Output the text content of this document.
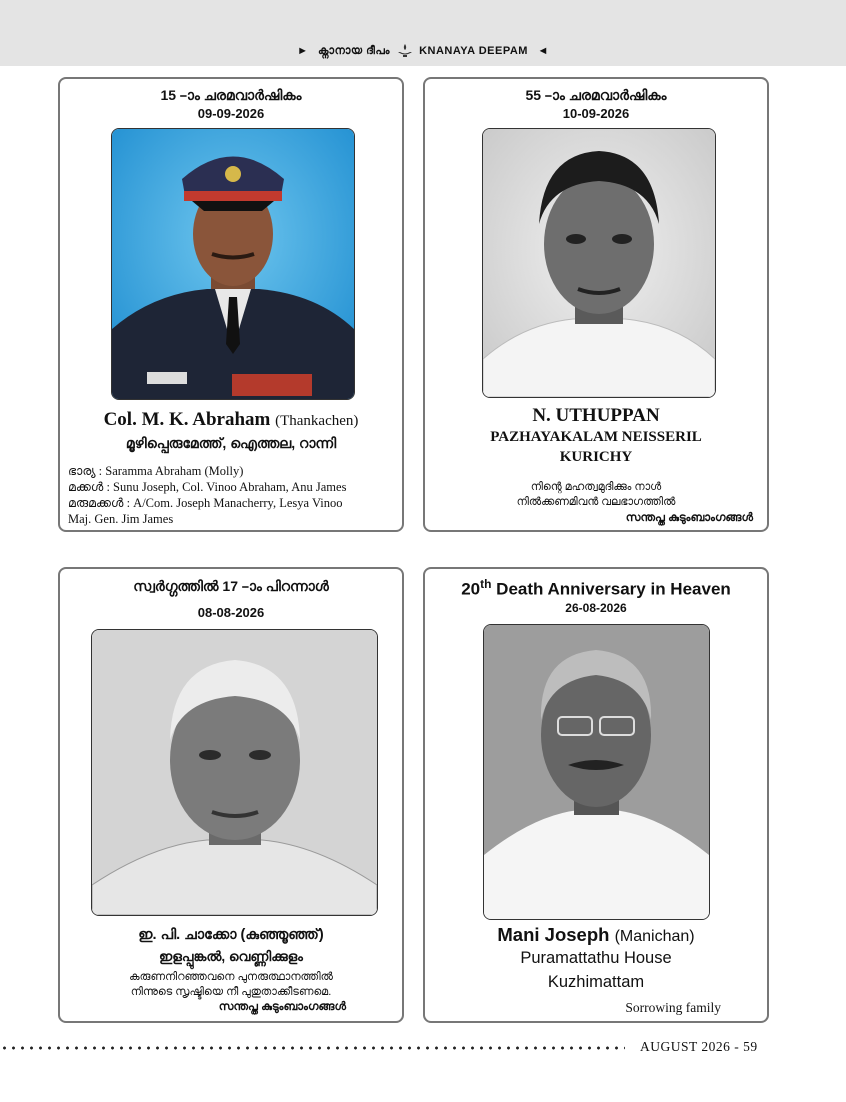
► ക്നാനായ ദീപം	KNANAYA DEEPAM ◄
15 –ാം ചരമവാർഷികം
09-09-2026
Col. M. K. Abraham (Thankachen)
മൂഴിപ്പെരുമേത്ത്, ഐത്തല, റാന്നി
ഭാര്യ : Saramma Abraham (Molly)
മക്കൾ : Sunu Joseph, Col. Vinoo Abraham, Anu James
മരുമക്കൾ : A/Com. Joseph Manacherry, Lesya Vinoo
Maj. Gen. Jim James
55 –ാം ചരമവാർഷികം
10-09-2026
N. UTHUPPAN
PAZHAYAKALAM NEISSERIL
KURICHY
നിന്റെ മഹത്വമുദിക്കും നാൾ
നിൽക്കണമിവൻ വലഭാഗത്തിൽ
സന്തപ്ത കുടുംബാംഗങ്ങൾ
സ്വർഗ്ഗത്തിൽ 17 –ാം പിറന്നാൾ
08-08-2026
ഇ. പി. ചാക്കോ (കുഞ്ഞൂഞ്ഞ്)
ഇളപ്പുങ്കൽ, വെണ്ണിക്കുളം
കരുണനിറഞ്ഞവനെ പുനരുത്ഥാനത്തിൽ
നിന്നുടെ സൃഷ്ടിയെ നീ പുതുതാക്കീടണമെ.
സന്തപ്ത കുടുംബാംഗങ്ങൾ
20th Death Anniversary in Heaven
26-08-2026
Mani Joseph (Manichan)
Puramattathu House
Kuzhimattam
Sorrowing family
AUGUST 2026 - 59
